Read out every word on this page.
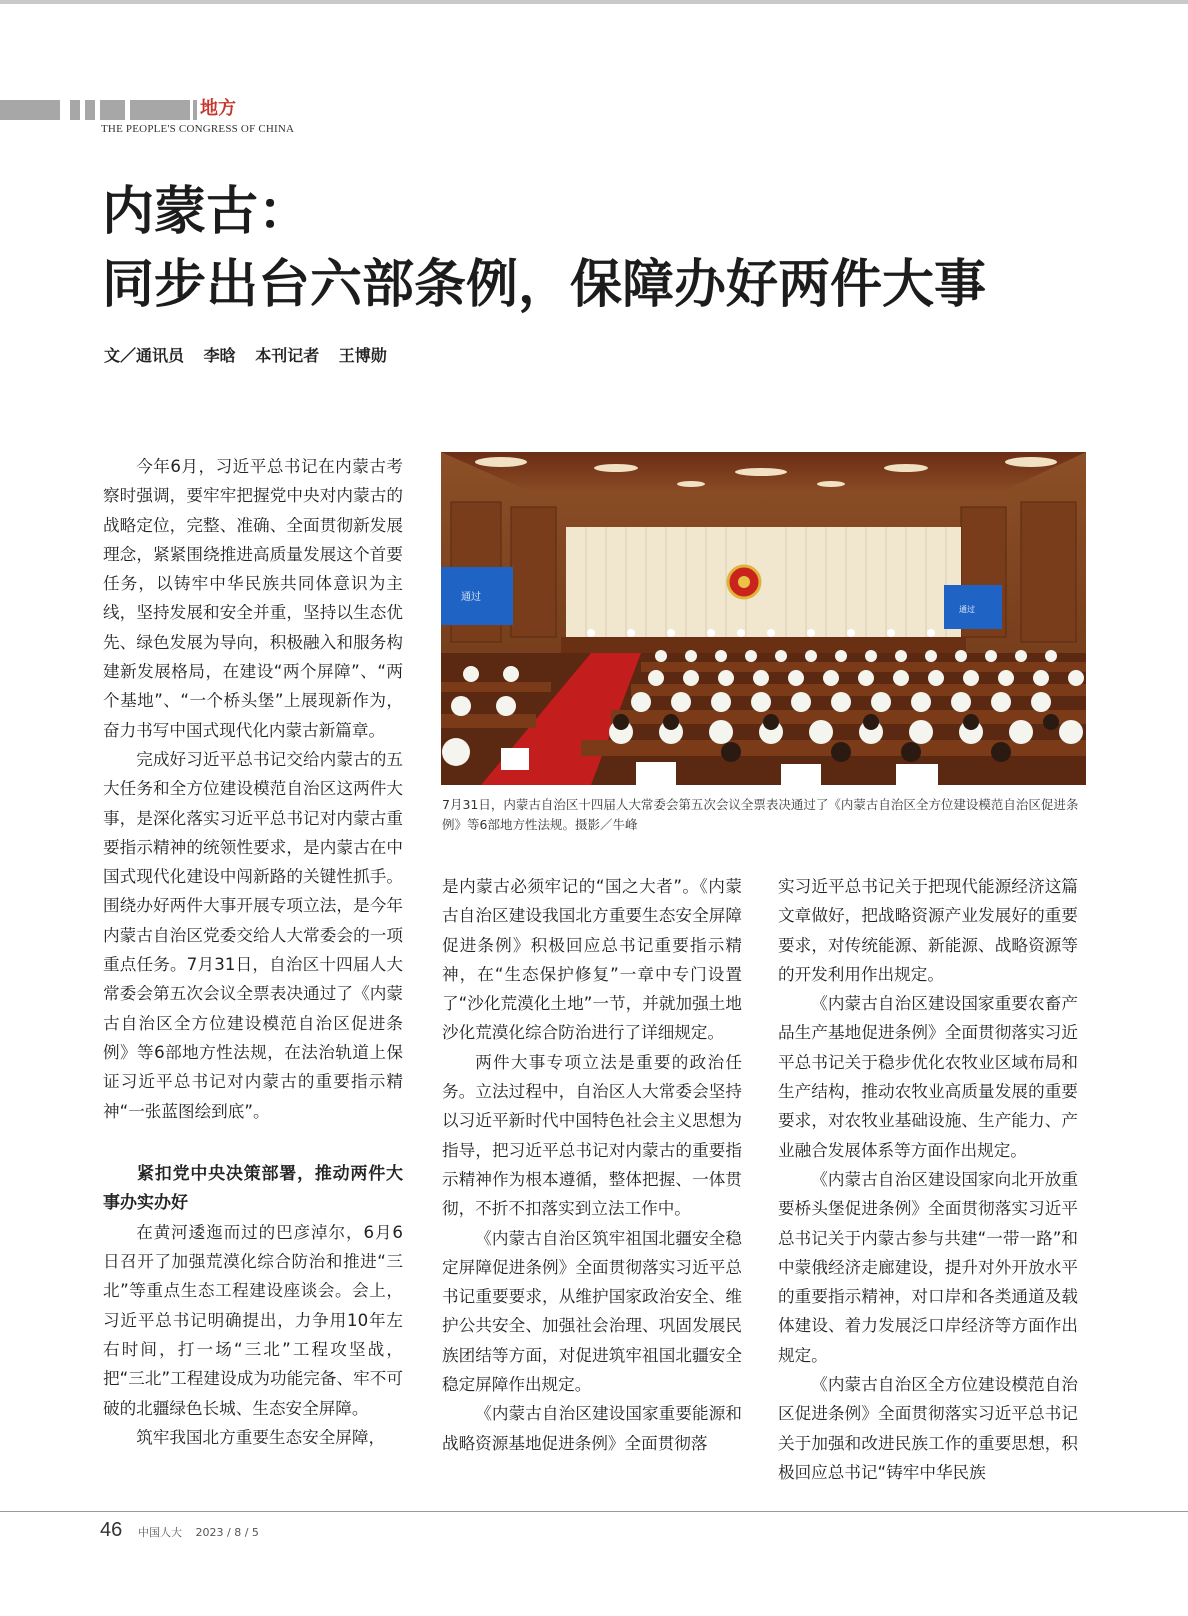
地方
THE PEOPLE'S CONGRESS OF CHINA
内蒙古：
同步出台六部条例，保障办好两件大事
文／通讯员 李晗 本刊记者 王博勋

今年6月，习近平总书记在内蒙古考察时强调，要牢牢把握党中央对内蒙古的战略定位，完整、准确、全面贯彻新发展理念，紧紧围绕推进高质量发展这个首要任务，以铸牢中华民族共同体意识为主线，坚持发展和安全并重，坚持以生态优先、绿色发展为导向，积极融入和服务构建新发展格局，在建设“两个屏障”、“两个基地”、“一个桥头堡”上展现新作为，奋力书写中国式现代化内蒙古新篇章。

完成好习近平总书记交给内蒙古的五大任务和全方位建设模范自治区这两件大事，是深化落实习近平总书记对内蒙古重要指示精神的统领性要求，是内蒙古在中国式现代化建设中闯新路的关键性抓手。围绕办好两件大事开展专项立法，是今年内蒙古自治区党委交给人大常委会的一项重点任务。7月31日，自治区十四届人大常委会第五次会议全票表决通过了《内蒙古自治区全方位建设模范自治区促进条例》等6部地方性法规，在法治轨道上保证习近平总书记对内蒙古的重要指示精神“一张蓝图绘到底”。

紧扣党中央决策部署，推动两件大事办实办好

在黄河逶迤而过的巴彦淖尔，6月6日召开了加强荒漠化综合防治和推进“三北”等重点生态工程建设座谈会。会上，习近平总书记明确提出，力争用10年左右时间，打一场“三北”工程攻坚战，把“三北”工程建设成为功能完备、牢不可破的北疆绿色长城、生态安全屏障。

筑牢我国北方重要生态安全屏障，

通过
通过
7月31日，内蒙古自治区十四届人大常委会第五次会议全票表决通过了《内蒙古自治区全方位建设模范自治区促进条例》等6部地方性法规。摄影／牛峰

是内蒙古必须牢记的“国之大者”。《内蒙古自治区建设我国北方重要生态安全屏障促进条例》积极回应总书记重要指示精神，在“生态保护修复”一章中专门设置了“沙化荒漠化土地”一节，并就加强土地沙化荒漠化综合防治进行了详细规定。

两件大事专项立法是重要的政治任务。立法过程中，自治区人大常委会坚持以习近平新时代中国特色社会主义思想为指导，把习近平总书记对内蒙古的重要指示精神作为根本遵循，整体把握、一体贯彻，不折不扣落实到立法工作中。

《内蒙古自治区筑牢祖国北疆安全稳定屏障促进条例》全面贯彻落实习近平总书记重要要求，从维护国家政治安全、维护公共安全、加强社会治理、巩固发展民族团结等方面，对促进筑牢祖国北疆安全稳定屏障作出规定。

《内蒙古自治区建设国家重要能源和战略资源基地促进条例》全面贯彻落

实习近平总书记关于把现代能源经济这篇文章做好，把战略资源产业发展好的重要要求，对传统能源、新能源、战略资源等的开发利用作出规定。

《内蒙古自治区建设国家重要农畜产品生产基地促进条例》全面贯彻落实习近平总书记关于稳步优化农牧业区域布局和生产结构，推动农牧业高质量发展的重要要求，对农牧业基础设施、生产能力、产业融合发展体系等方面作出规定。

《内蒙古自治区建设国家向北开放重要桥头堡促进条例》全面贯彻落实习近平总书记关于内蒙古参与共建“一带一路”和中蒙俄经济走廊建设，提升对外开放水平的重要指示精神，对口岸和各类通道及载体建设、着力发展泛口岸经济等方面作出规定。

《内蒙古自治区全方位建设模范自治区促进条例》全面贯彻落实习近平总书记关于加强和改进民族工作的重要思想，积极回应总书记“铸牢中华民族

46 中国人大 2023 / 8 / 5
